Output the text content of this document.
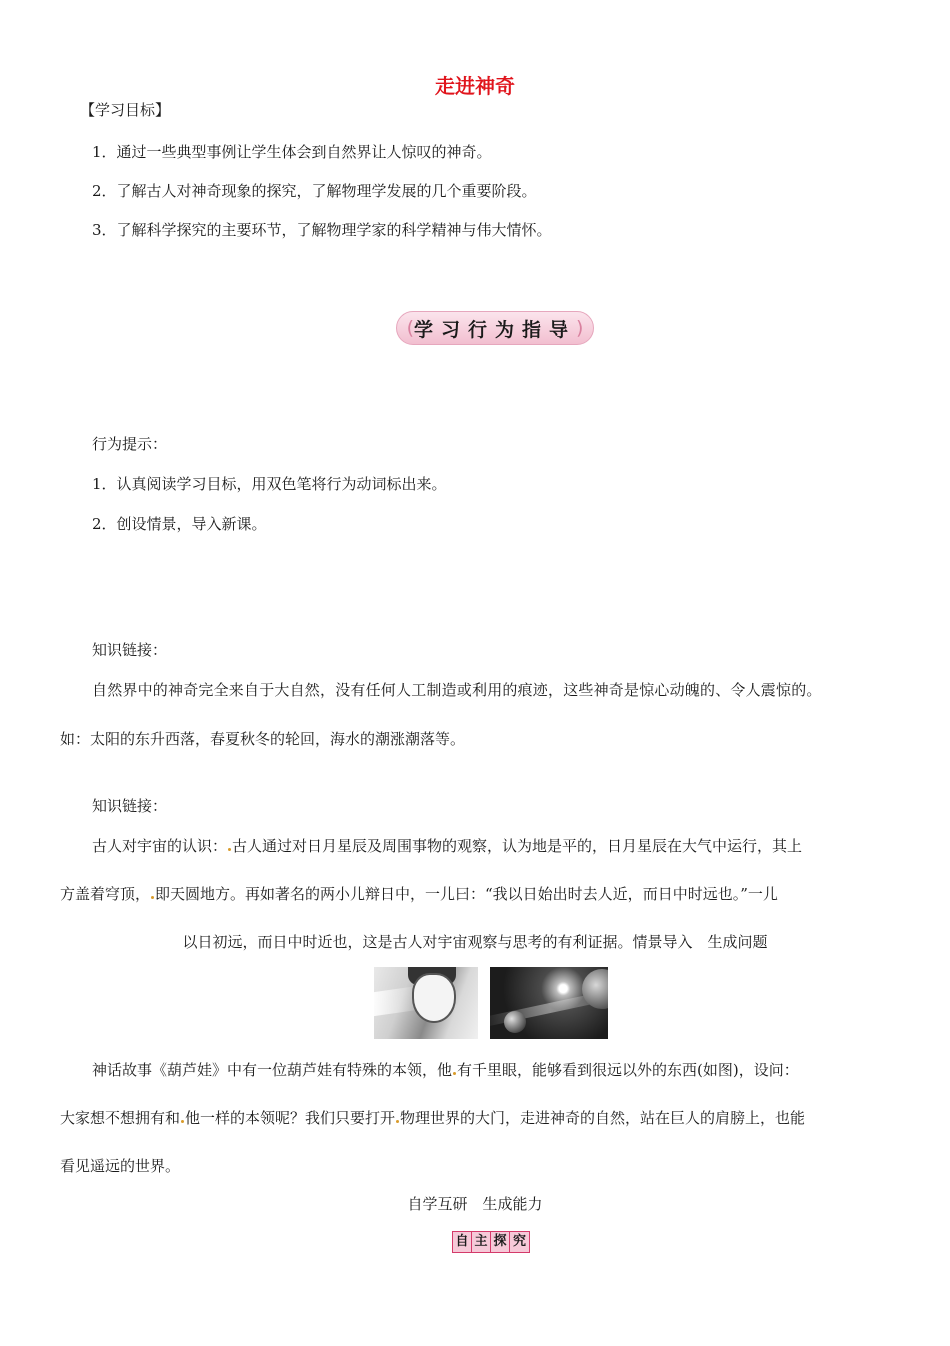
走进神奇
【学习目标】
1．通过一些典型事例让学生体会到自然界让人惊叹的神奇。
2．了解古人对神奇现象的探究，了解物理学发展的几个重要阶段。
3．了解科学探究的主要环节，了解物理学家的科学精神与伟大情怀。
( 学习行为指导 )
行为提示：
1．认真阅读学习目标，用双色笔将行为动词标出来。
2．创设情景，导入新课。
知识链接：
自然界中的神奇完全来自于大自然，没有任何人工制造或利用的痕迹，这些神奇是惊心动魄的、令人震惊的。
如：太阳的东升西落，春夏秋冬的轮回，海水的潮涨潮落等。
知识链接：
古人对宇宙的认识： 古人通过对日月星辰及周围事物的观察，认为地是平的，日月星辰在大气中运行，其上
方盖着穹顶， 即天圆地方。再如著名的两小儿辩日中，一儿曰：“我以日始出时去人近，而日中时远也。”一儿
以日初远，而日中时近也，这是古人对宇宙观察与思考的有利证据。情景导入　生成问题
神话故事《葫芦娃》中有一位葫芦娃有特殊的本领，他 有千里眼，能够看到很远以外的东西(如图)，设问：
大家想不想拥有和 他一样的本领呢？我们只要打开 物理世界的大门，走进神奇的自然，站在巨人的肩膀上，也能
看见遥远的世界。
自学互研　生成能力
自 主 探 究
